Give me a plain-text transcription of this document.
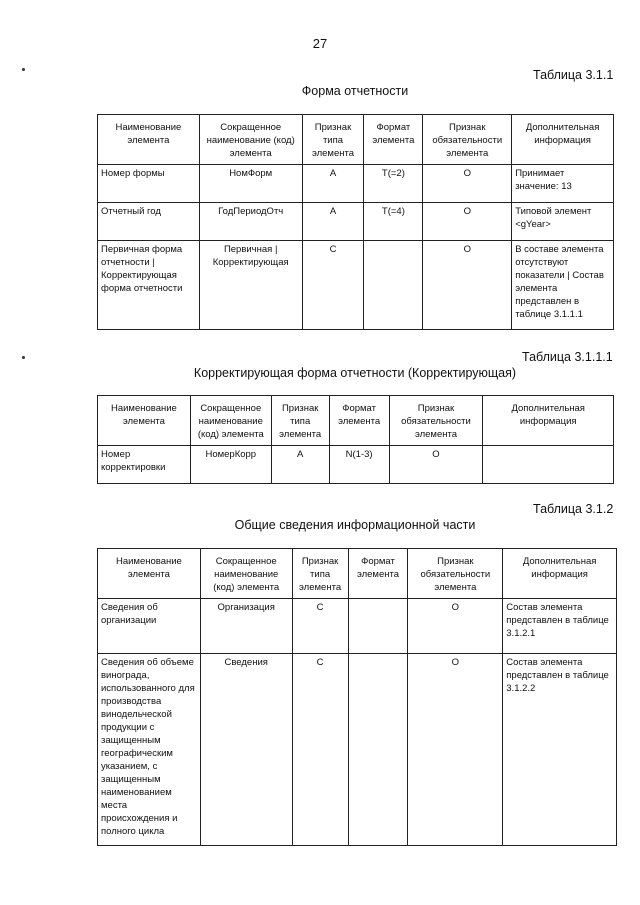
27
Таблица 3.1.1
Форма отчетности
Наименование элемента	Сокращенное наименование (код) элемента	Признак типа элемента	Формат элемента	Признак обязательности элемента	Дополнительная информация
Номер формы	НомФорм	А	T(=2)	О	Принимает значение: 13
Отчетный год	ГодПериодОтч	А	T(=4)	О	Типовой элемент <gYear>
Первичная форма отчетности | Корректирующая форма отчетности	Первичная | Корректирующая	С		О	В составе элемента отсутствуют показатели | Состав элемента представлен в таблице 3.1.1.1
Таблица 3.1.1.1
Корректирующая форма отчетности (Корректирующая)
Наименование элемента	Сокращенное наименование (код) элемента	Признак типа элемента	Формат элемента	Признак обязательности элемента	Дополнительная информация
Номер корректировки	НомерКорр	А	N(1-3)	О	
Таблица 3.1.2
Общие сведения информационной части
Наименование элемента	Сокращенное наименование (код) элемента	Признак типа элемента	Формат элемента	Признак обязательности элемента	Дополнительная информация
Сведения об организации	Организация	С		О	Состав элемента представлен в таблице 3.1.2.1
Сведения об объеме винограда, использованного для производства винодельческой продукции с защищенным географическим указанием, с защищенным наименованием места происхождения и полного цикла	Сведения	С		О	Состав элемента представлен в таблице 3.1.2.2
